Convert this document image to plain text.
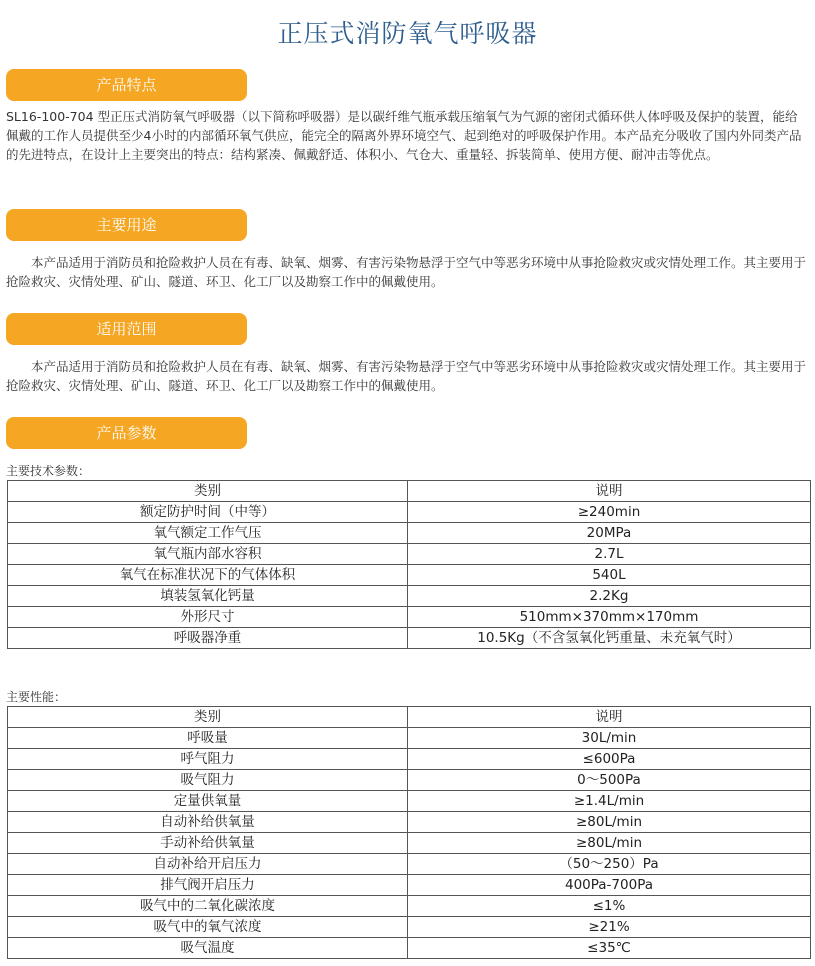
正压式消防氧气呼吸器
产品特点

SL16-100-704 型正压式消防氧气呼吸器（以下简称呼吸器）是以碳纤维气瓶承载压缩氧气为气源的密闭式循环供人体呼吸及保护的装置，能给佩戴的工作人员提供至少4小时的内部循环氧气供应，能完全的隔离外界环境空气、起到绝对的呼吸保护作用。本产品充分吸收了国内外同类产品的先进特点，在设计上主要突出的特点：结构紧凑、佩戴舒适、体积小、气仓大、重量轻、拆装简单、使用方便、耐冲击等优点。

主要用途

本产品适用于消防员和抢险救护人员在有毒、缺氧、烟雾、有害污染物悬浮于空气中等恶劣环境中从事抢险救灾或灾情处理工作。其主要用于抢险救灾、灾情处理、矿山、隧道、环卫、化工厂以及勘察工作中的佩戴使用。

适用范围

本产品适用于消防员和抢险救护人员在有毒、缺氧、烟雾、有害污染物悬浮于空气中等恶劣环境中从事抢险救灾或灾情处理工作。其主要用于抢险救灾、灾情处理、矿山、隧道、环卫、化工厂以及勘察工作中的佩戴使用。

产品参数
主要技术参数：
类别	说明
额定防护时间（中等）	≥240min
氧气额定工作气压	20MPa
氧气瓶内部水容积	2.7L
氧气在标准状况下的气体体积	540L
填装氢氧化钙量	2.2Kg
外形尺寸	510mm×370mm×170mm
呼吸器净重	10.5Kg（不含氢氧化钙重量、未充氧气时）
主要性能：
类别	说明
呼吸量	30L/min
呼气阻力	≤600Pa
吸气阻力	0～500Pa
定量供氧量	≥1.4L/min
自动补给供氧量	≥80L/min
手动补给供氧量	≥80L/min
自动补给开启压力	（50～250）Pa
排气阀开启压力	400Pa-700Pa
吸气中的二氧化碳浓度	≤1%
吸气中的氧气浓度	≥21%
吸气温度	≤35℃
